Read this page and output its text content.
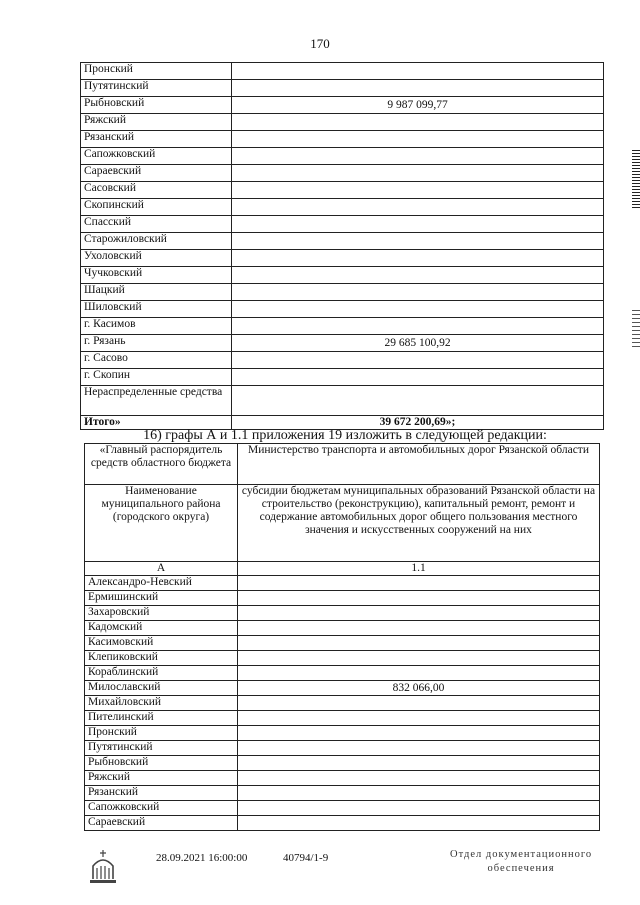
170
Пронский	
Путятинский	
Рыбновский	9 987 099,77
Ряжский	
Рязанский	
Сапожковский	
Сараевский	
Сасовский	
Скопинский	
Спасский	
Старожиловский	
Ухоловский	
Чучковский	
Шацкий	
Шиловский	
г. Касимов	
г. Рязань	29 685 100,92
г. Сасово	
г. Скопин	
Нераспределенные средства	
Итого»	39 672 200,69»;
16) графы А и 1.1 приложения 19 изложить в следующей редакции:
«Главный распорядитель средств областного бюджета	Министерство транспорта и автомобильных дорог Рязанской области
Наименование муниципального района (городского округа)	субсидии бюджетам муниципальных образований Рязанской области на строительство (реконструкцию), капитальный ремонт, ремонт и содержание автомобильных дорог общего пользования местного значения и искусственных сооружений на них
А	1.1
Александро-Невский	
Ермишинский	
Захаровский	
Кадомский	
Касимовский	
Клепиковский	
Кораблинский	
Милославский	832 066,00
Михайловский	
Пителинский	
Пронский	
Путятинский	
Рыбновский	
Ряжский	
Рязанский	
Сапожковский	
Сараевский	
28.09.2021 16:00:00	40794/1-9	Отдел документационного
обеспечения
